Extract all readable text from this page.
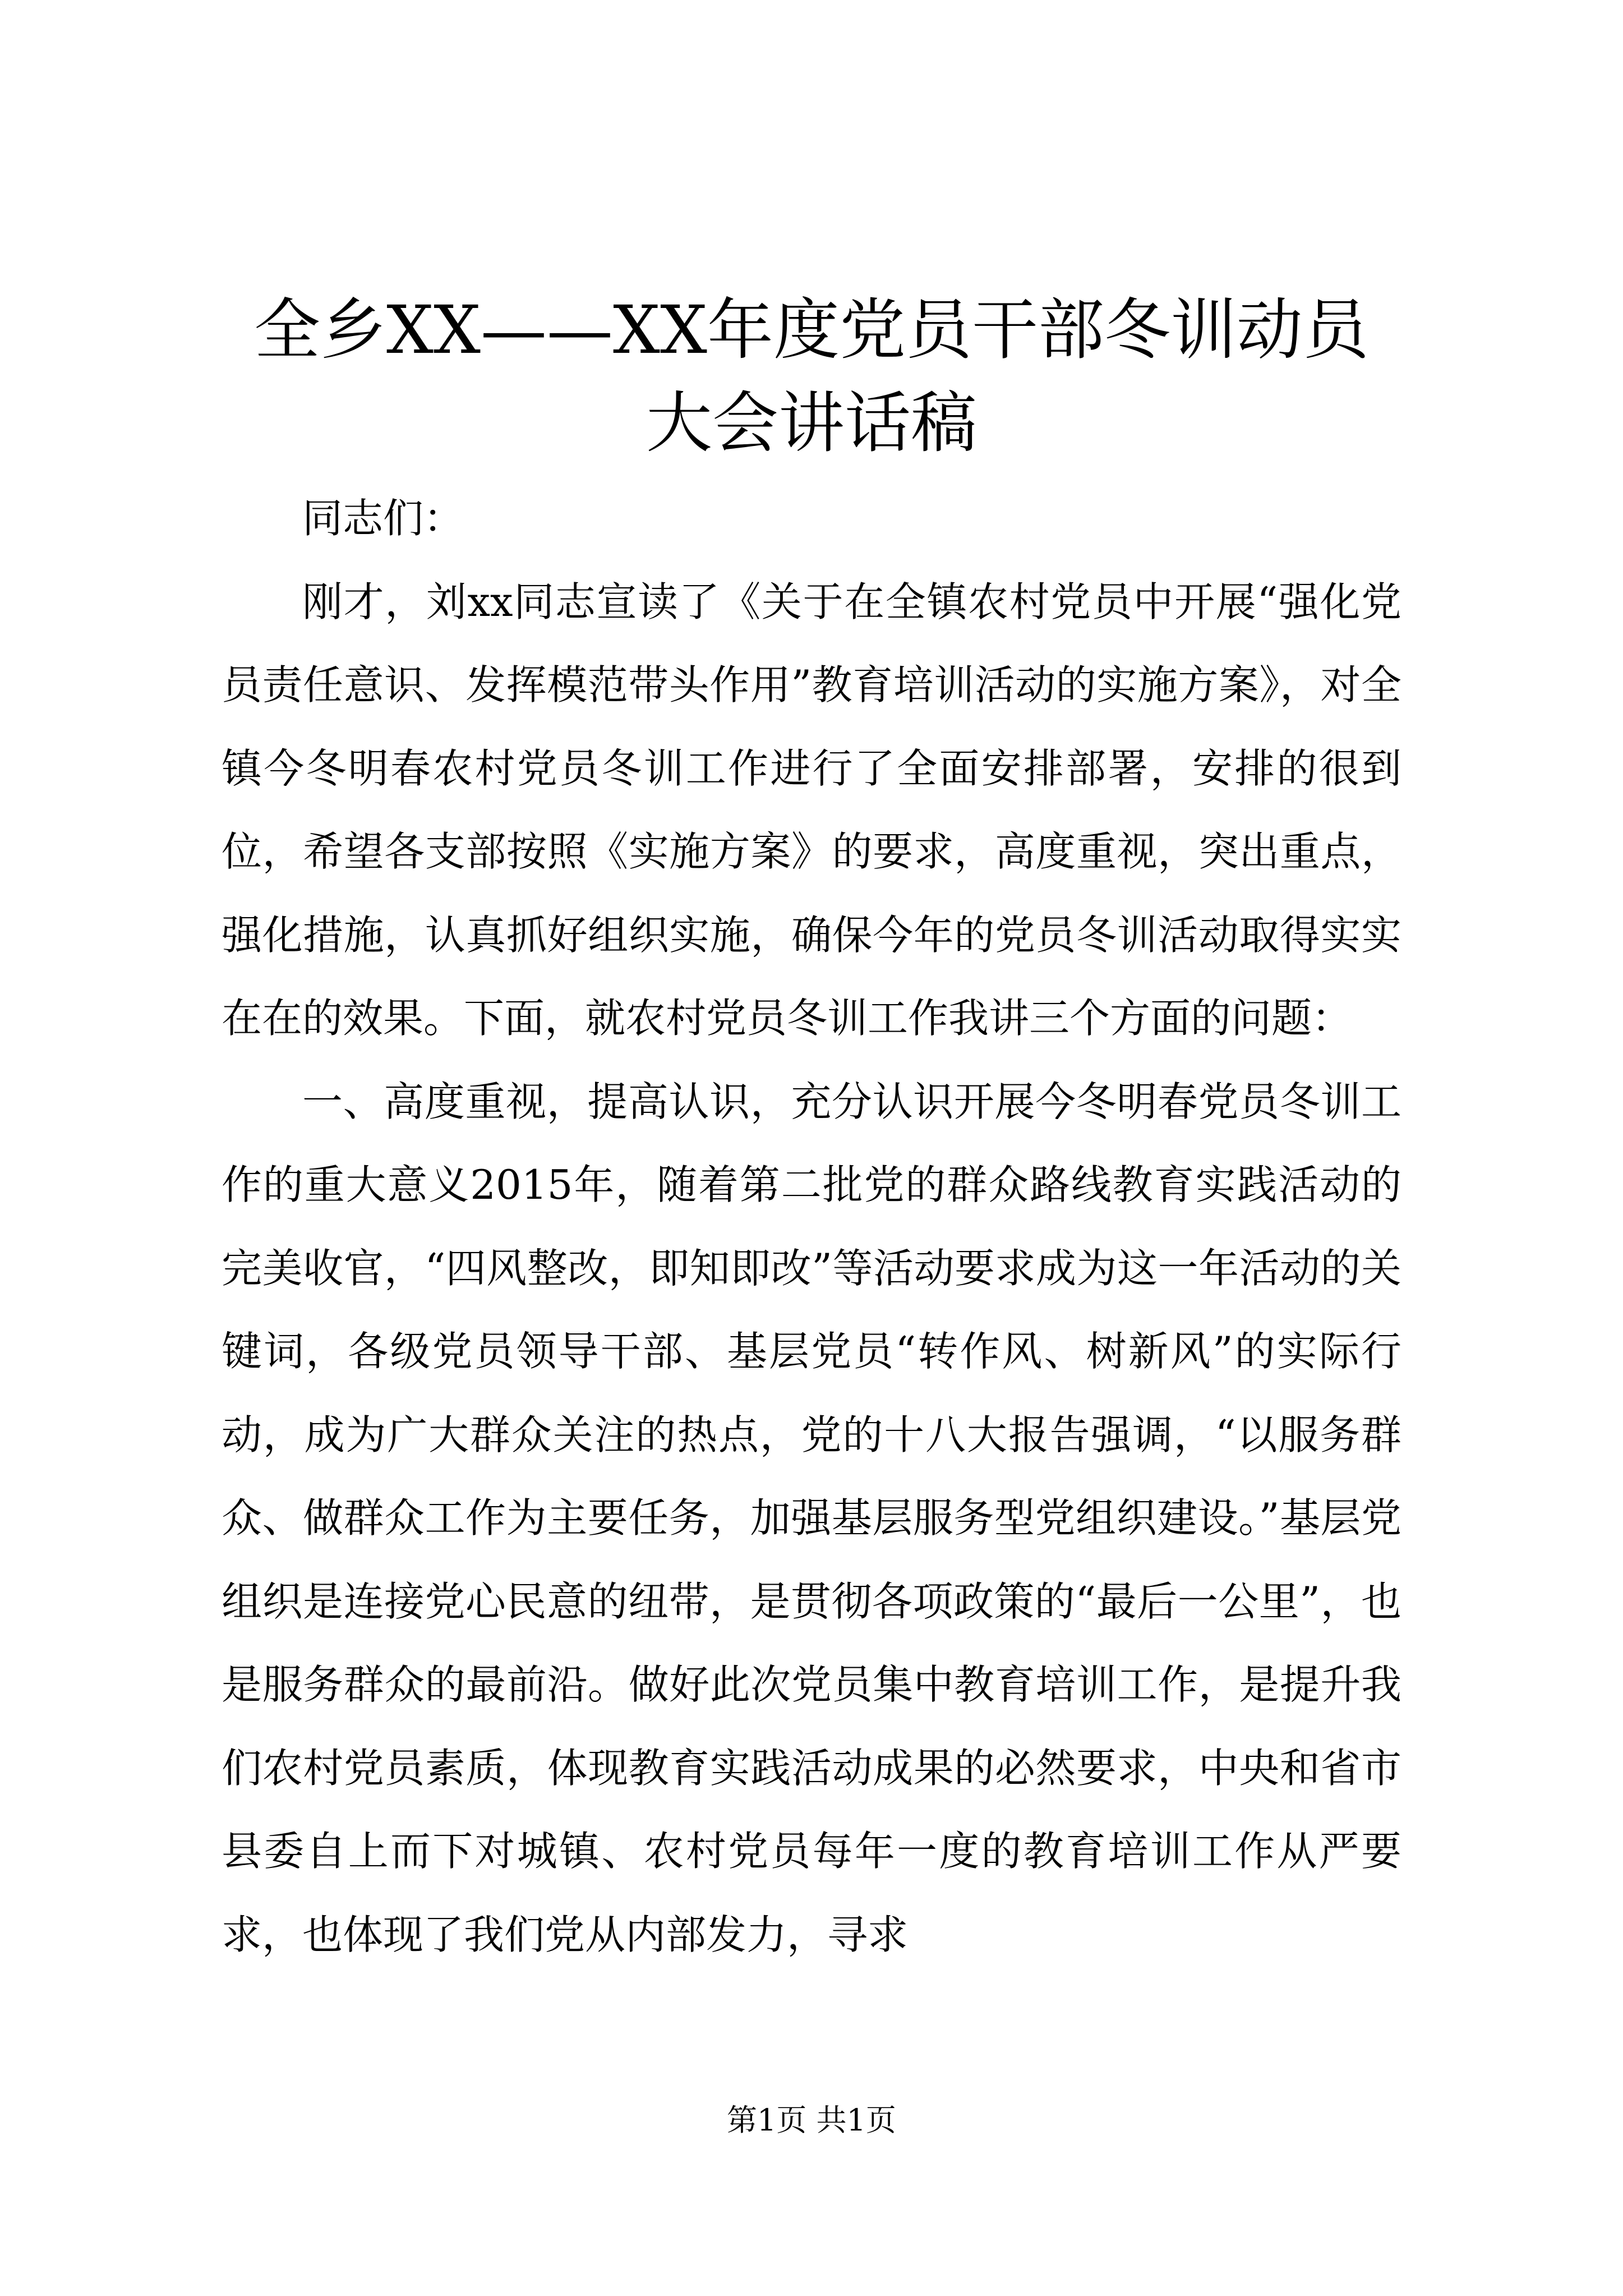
全乡XX——XX年度党员干部冬训动员大会讲话稿

同志们：

刚才，刘xx同志宣读了《关于在全镇农村党员中开展“强化党员责任意识、发挥模范带头作用”教育培训活动的实施方案》，对全镇今冬明春农村党员冬训工作进行了全面安排部署，安排的很到位，希望各支部按照《实施方案》的要求，高度重视，突出重点，强化措施，认真抓好组织实施，确保今年的党员冬训活动取得实实在在的效果。下面，就农村党员冬训工作我讲三个方面的问题：

一、高度重视，提高认识，充分认识开展今冬明春党员冬训工作的重大意义2015年，随着第二批党的群众路线教育实践活动的完美收官，“四风整改，即知即改”等活动要求成为这一年活动的关键词，各级党员领导干部、基层党员“转作风、树新风”的实际行动，成为广大群众关注的热点，党的十八大报告强调，“以服务群众、做群众工作为主要任务，加强基层服务型党组织建设。”基层党组织是连接党心民意的纽带，是贯彻各项政策的“最后一公里”，也是服务群众的最前沿。做好此次党员集中教育培训工作，是提升我们农村党员素质，体现教育实践活动成果的必然要求，中央和省市县委自上而下对城镇、农村党员每年一度的教育培训工作从严要求，也体现了我们党从内部发力，寻求

第1页 共1页
